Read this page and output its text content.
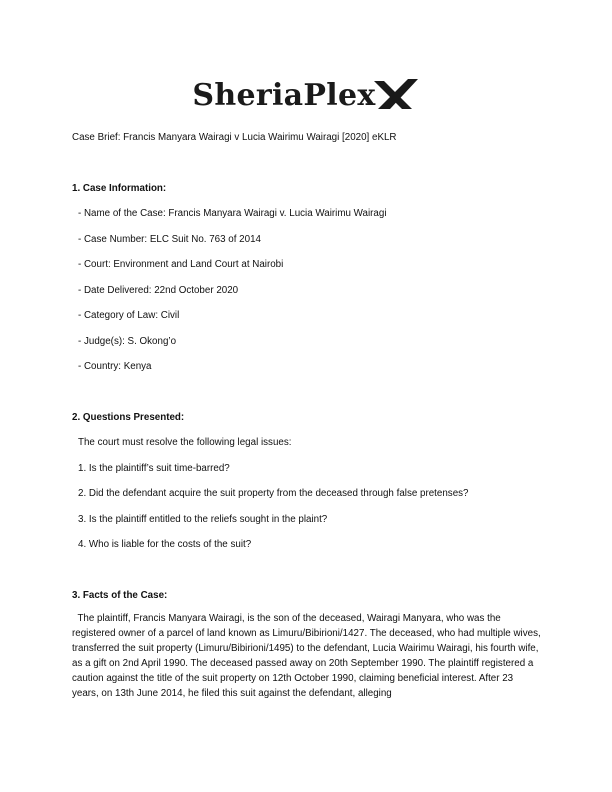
SheriaPlex
Case Brief: Francis Manyara Wairagi v Lucia Wairimu Wairagi [2020] eKLR
1. Case Information:
- Name of the Case: Francis Manyara Wairagi v. Lucia Wairimu Wairagi
- Case Number: ELC Suit No. 763 of 2014
- Court: Environment and Land Court at Nairobi
- Date Delivered: 22nd October 2020
- Category of Law: Civil
- Judge(s): S. Okong’o
- Country: Kenya
2. Questions Presented:
The court must resolve the following legal issues:
1. Is the plaintiff’s suit time-barred?
2. Did the defendant acquire the suit property from the deceased through false pretenses?
3. Is the plaintiff entitled to the reliefs sought in the plaint?
4. Who is liable for the costs of the suit?
3. Facts of the Case:
The plaintiff, Francis Manyara Wairagi, is the son of the deceased, Wairagi Manyara, who was the registered owner of a parcel of land known as Limuru/Bibirioni/1427. The deceased, who had multiple wives, transferred the suit property (Limuru/Bibirioni/1495) to the defendant, Lucia Wairimu Wairagi, his fourth wife, as a gift on 2nd April 1990. The deceased passed away on 20th September 1990. The plaintiff registered a caution against the title of the suit property on 12th October 1990, claiming beneficial interest. After 23 years, on 13th June 2014, he filed this suit against the defendant, alleging
